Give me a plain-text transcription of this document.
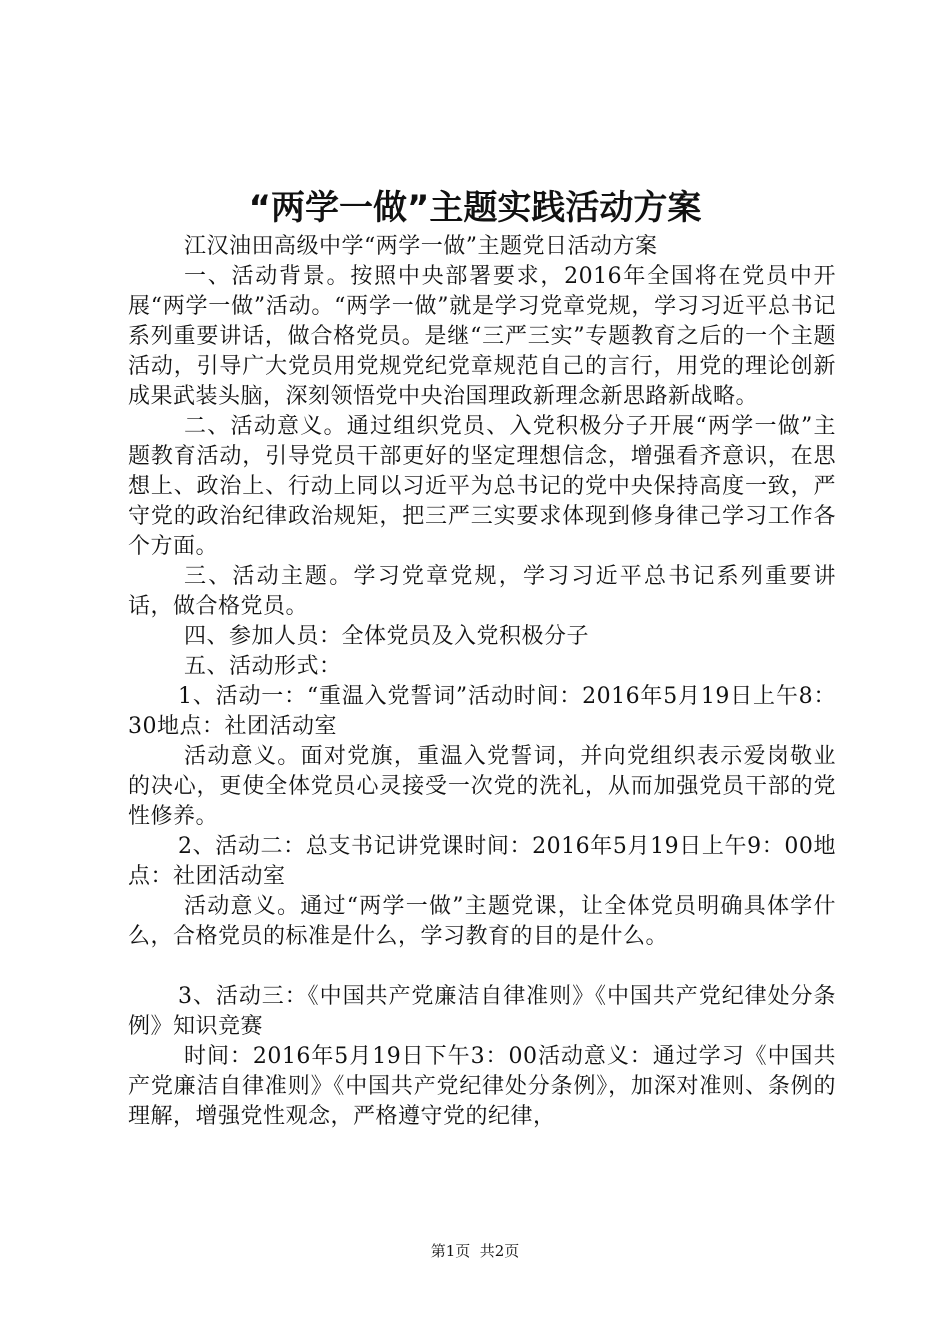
“两学一做”主题实践活动方案

江汉油田高级中学“两学一做”主题党日活动方案

一、活动背景。按照中央部署要求，2016年全国将在党员中开展“两学一做”活动。“两学一做”就是学习党章党规，学习习近平总书记系列重要讲话，做合格党员。是继“三严三实”专题教育之后的一个主题活动，引导广大党员用党规党纪党章规范自己的言行，用党的理论创新成果武装头脑，深刻领悟党中央治国理政新理念新思路新战略。

二、活动意义。通过组织党员、入党积极分子开展“两学一做”主题教育活动，引导党员干部更好的坚定理想信念，增强看齐意识，在思想上、政治上、行动上同以习近平为总书记的党中央保持高度一致，严守党的政治纪律政治规矩，把三严三实要求体现到修身律己学习工作各个方面。

三、活动主题。学习党章党规，学习习近平总书记系列重要讲话，做合格党员。

四、参加人员：全体党员及入党积极分子

五、活动形式：

1、活动一：“重温入党誓词”活动时间：2016年5月19日上午8：30地点：社团活动室

活动意义。面对党旗，重温入党誓词，并向党组织表示爱岗敬业的决心，更使全体党员心灵接受一次党的洗礼，从而加强党员干部的党性修养。

2、活动二：总支书记讲党课时间：2016年5月19日上午9：00地点：社团活动室

活动意义。通过“两学一做”主题党课，让全体党员明确具体学什么，合格党员的标准是什么，学习教育的目的是什么。

3、活动三：《中国共产党廉洁自律准则》《中国共产党纪律处分条例》知识竞赛

时间：2016年5月19日下午3：00活动意义：通过学习《中国共产党廉洁自律准则》《中国共产党纪律处分条例》，加深对准则、条例的理解，增强党性观念，严格遵守党的纪律，

第1页  共2页
